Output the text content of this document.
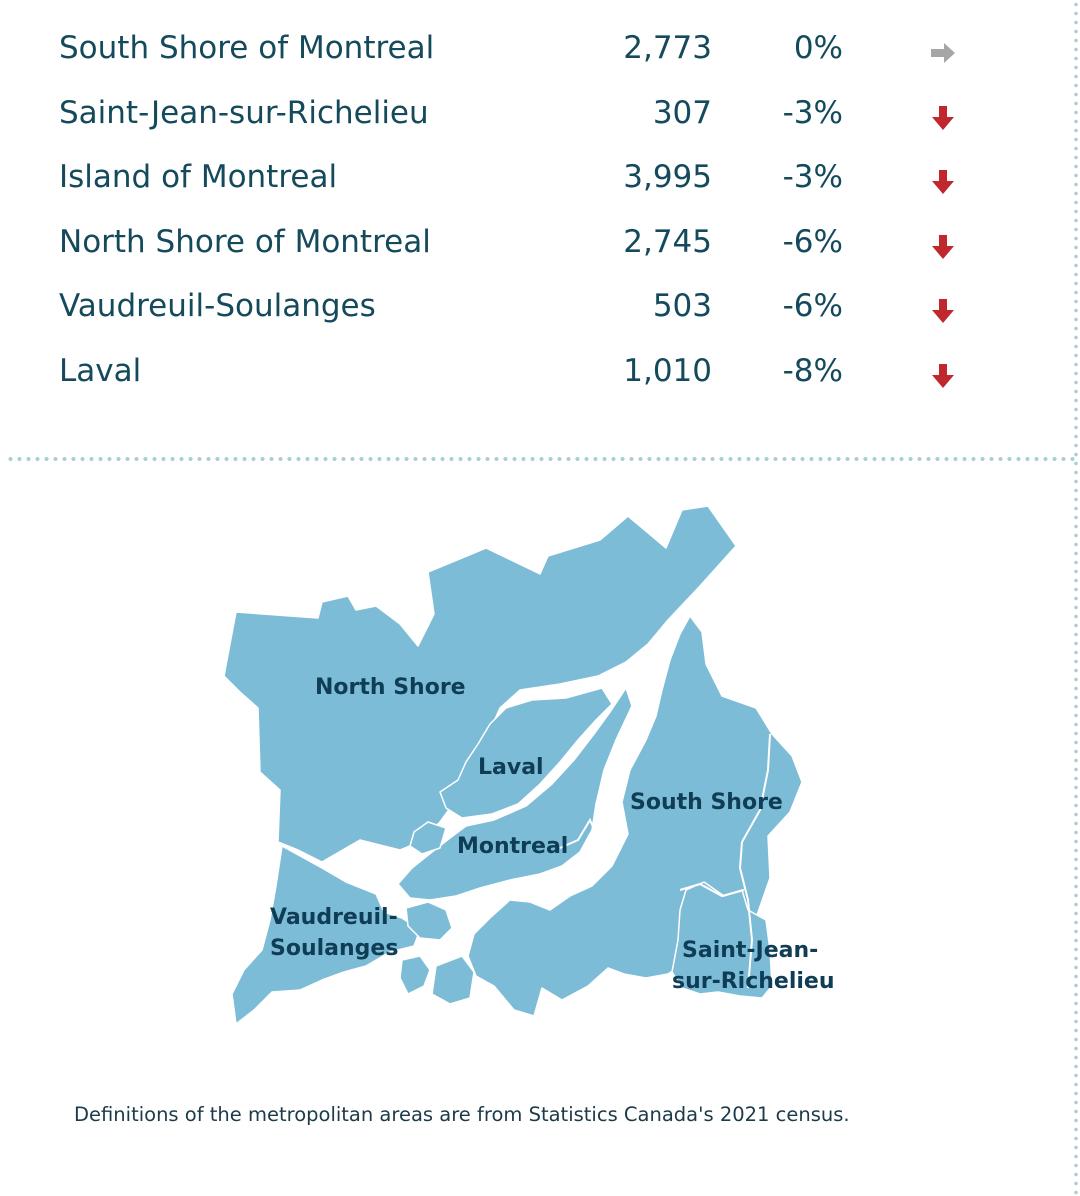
South Shore of Montreal	2,773	0%
Saint-Jean-sur-Richelieu	307	-3%
Island of Montreal	3,995	-3%
North Shore of Montreal	2,745	-6%
Vaudreuil-Soulanges	503	-6%
Laval	1,010	-8%
North Shore
Laval
Montreal
South Shore
Vaudreuil-
Soulanges	Saint-Jean-
sur-Richelieu
Definitions of the metropolitan areas are from Statistics Canada's 2021 census.
